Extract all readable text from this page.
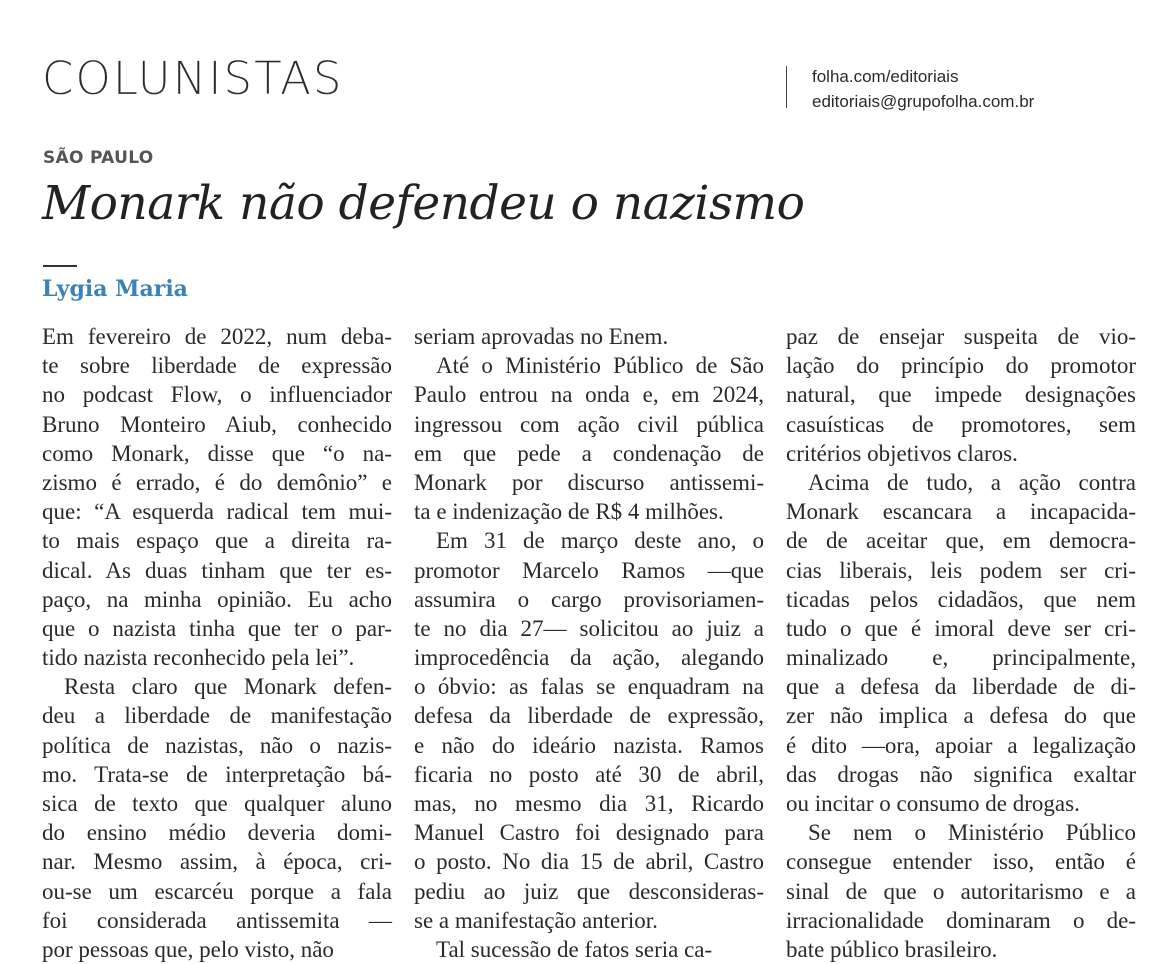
COLUNISTAS	folha.com/editoriais
editoriais@grupofolha.com.br
SÃO PAULO
Monark não defendeu o nazismo
Lygia Maria
Em fevereiro de 2022, num deba-
te sobre liberdade de expressão
no podcast Flow, o influenciador
Bruno Monteiro Aiub, conhecido
como Monark, disse que “o na-
zismo é errado, é do demônio” e
que: “A esquerda radical tem mui-
to mais espaço que a direita ra-
dical. As duas tinham que ter es-
paço, na minha opinião. Eu acho
que o nazista tinha que ter o par-
tido nazista reconhecido pela lei”.
Resta claro que Monark defen-
deu a liberdade de manifestação
política de nazistas, não o nazis-
mo. Trata-se de interpretação bá-
sica de texto que qualquer aluno
do ensino médio deveria domi-
nar. Mesmo assim, à época, cri-
ou-se um escarcéu porque a fala
foi considerada antissemita —
por pessoas que, pelo visto, não
seriam aprovadas no Enem.
Até o Ministério Público de São
Paulo entrou na onda e, em 2024,
ingressou com ação civil pública
em que pede a condenação de
Monark por discurso antissemi-
ta e indenização de R$ 4 milhões.
Em 31 de março deste ano, o
promotor Marcelo Ramos —que
assumira o cargo provisoriamen-
te no dia 27— solicitou ao juiz a
improcedência da ação, alegando
o óbvio: as falas se enquadram na
defesa da liberdade de expressão,
e não do ideário nazista. Ramos
ficaria no posto até 30 de abril,
mas, no mesmo dia 31, Ricardo
Manuel Castro foi designado para
o posto. No dia 15 de abril, Castro
pediu ao juiz que desconsideras-
se a manifestação anterior.
Tal sucessão de fatos seria ca-
paz de ensejar suspeita de vio-
lação do princípio do promotor
natural, que impede designações
casuísticas de promotores, sem
critérios objetivos claros.
Acima de tudo, a ação contra
Monark escancara a incapacida-
de de aceitar que, em democra-
cias liberais, leis podem ser cri-
ticadas pelos cidadãos, que nem
tudo o que é imoral deve ser cri-
minalizado e, principalmente,
que a defesa da liberdade de di-
zer não implica a defesa do que
é dito —ora, apoiar a legalização
das drogas não significa exaltar
ou incitar o consumo de drogas.
Se nem o Ministério Público
consegue entender isso, então é
sinal de que o autoritarismo e a
irracionalidade dominaram o de-
bate público brasileiro.
